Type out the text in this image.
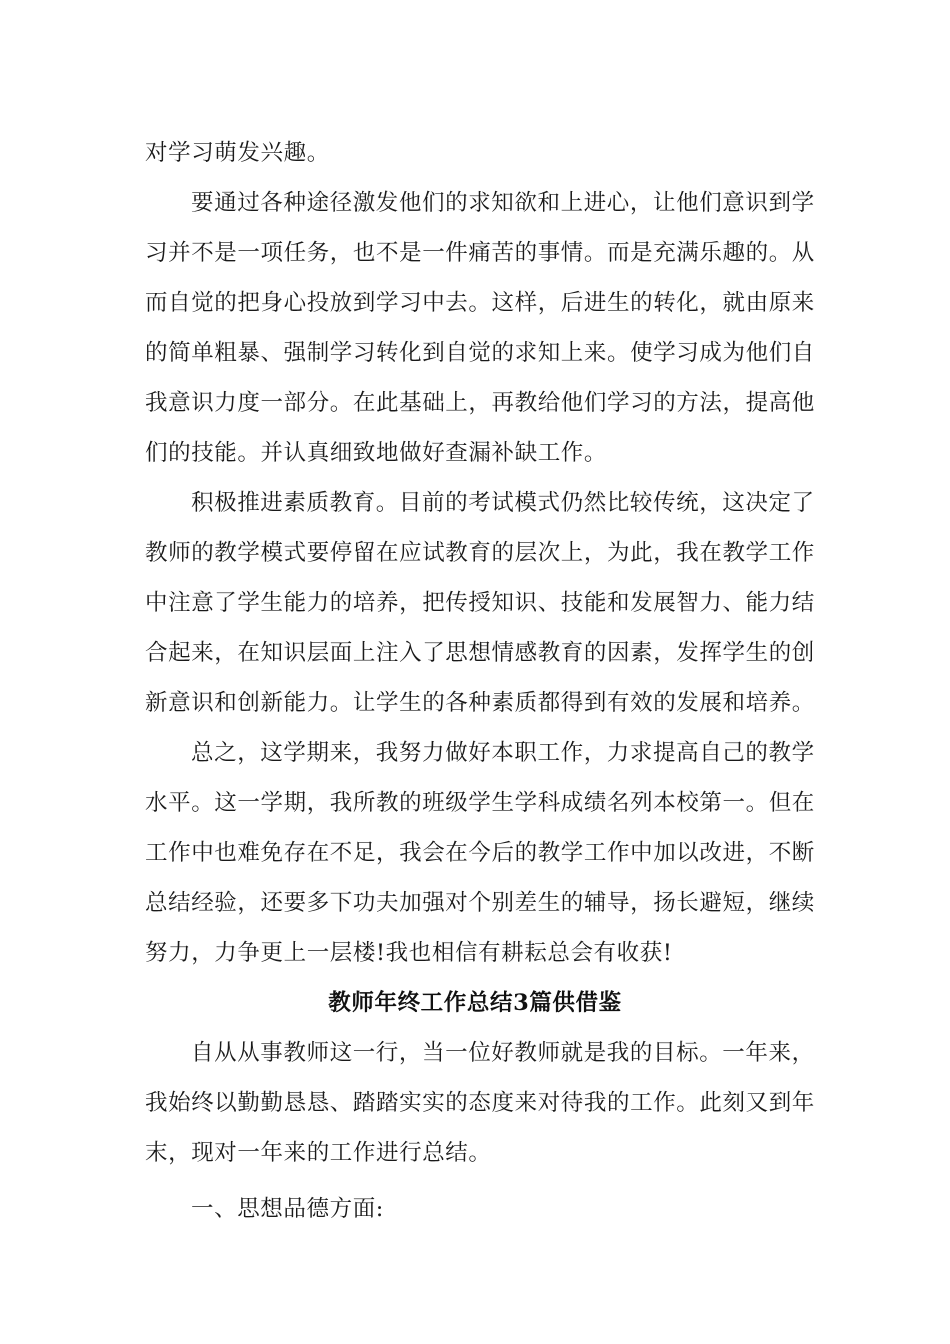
对学习萌发兴趣。
要通过各种途径激发他们的求知欲和上进心，让他们意识到学
习并不是一项任务，也不是一件痛苦的事情。而是充满乐趣的。从
而自觉的把身心投放到学习中去。这样，后进生的转化，就由原来
的简单粗暴、强制学习转化到自觉的求知上来。使学习成为他们自
我意识力度一部分。在此基础上，再教给他们学习的方法，提高他
们的技能。并认真细致地做好查漏补缺工作。
积极推进素质教育。目前的考试模式仍然比较传统，这决定了
教师的教学模式要停留在应试教育的层次上，为此，我在教学工作
中注意了学生能力的培养，把传授知识、技能和发展智力、能力结
合起来，在知识层面上注入了思想情感教育的因素，发挥学生的创
新意识和创新能力。让学生的各种素质都得到有效的发展和培养。
总之，这学期来，我努力做好本职工作，力求提高自己的教学
水平。这一学期，我所教的班级学生学科成绩名列本校第一。但在
工作中也难免存在不足，我会在今后的教学工作中加以改进，不断
总结经验，还要多下功夫加强对个别差生的辅导，扬长避短，继续
努力，力争更上一层楼!我也相信有耕耘总会有收获!
教师年终工作总结3篇供借鉴
自从从事教师这一行，当一位好教师就是我的目标。一年来，
我始终以勤勤恳恳、踏踏实实的态度来对待我的工作。此刻又到年
末，现对一年来的工作进行总结。
一、思想品德方面:
